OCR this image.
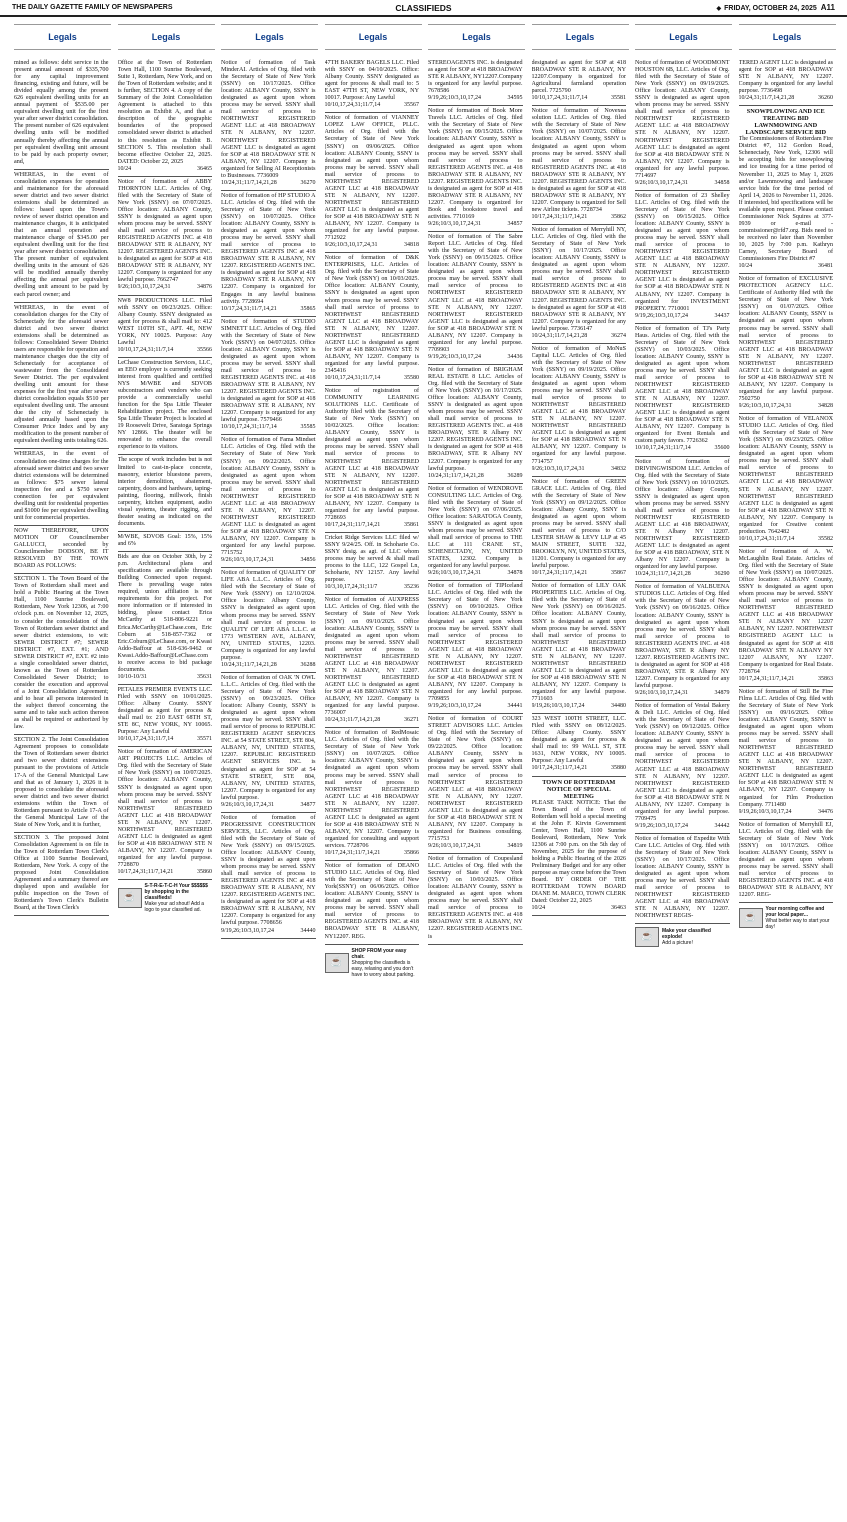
THE DAILY GAZETTE FAMILY OF NEWSPAPERS	CLASSIFIEDS	◆ FRIDAY, OCTOBER 24, 2025 A11
Legals

mined as follows: debt service in the present annual amount of $335,700 for any capital improvement financing, existing and future, will be divided equally among the present 626 equivalent dwelling units for an annual payment of $535.00 per equivalent dwelling unit for the first year after sewer district consolidation. The present number of 626 equivalent dwelling units will be modified annually thereby affecting the annual per equivalent dwelling unit amount to be paid by each property owner; and,

WHEREAS, in the event of consolidation expenses for operation and maintenance for the aforesaid sewer district and two sewer district extensions shall be determined as follows: based upon the Town's review of sewer district operation and maintenance charges, it is anticipated that an annual operation and maintenance charge of $345.00 per equivalent dwelling unit for the first year after sewer district consolidation. The present number of equivalent dwelling units in the amount of 626 will be modified annually thereby affecting the annual per equivalent dwelling unit amount to be paid by each parcel owner; and

WHEREAS, in the event of consolidation charges for the City of Schenectady for the aforesaid sewer district and two sewer district extensions shall be determined as follows: Consolidated Sewer District users are responsible for operation and maintenance charges due the city of Schenectady for acceptance of wastewater from the Consolidated Sewer District. The per equivalent dwelling unit amount for these expenses for the first year after sewer district consolidation equals $510 per equivalent dwelling unit. The amount due the city of Schenectady is adjusted annually based upon the Consumer Price Index and by any modification to the present number of equivalent dwelling units totaling 626.

WHEREAS, in the event of consolidation one-time charges for the aforesaid sewer district and two sewer district extensions will be determined as follows: $75 sewer lateral inspection fee and a $750 sewer connection fee per equivalent dwelling unit for residential properties and $1000 fee per equivalent dwelling unit for commercial properties.

NOW THEREFORE, UPON MOTION OF Councilmember GALLUCCI, seconded by Councilmember DODSON, BE IT RESOLVED BY THE TOWN BOARD AS FOLLOWS:

SECTION 1. The Town Board of the Town of Rotterdam shall meet and hold a Public Hearing at the Town Hall, 1100 Sunrise Boulevard, Rotterdam, New York 12306, at 7:00 o'clock p.m. on November 12, 2025, to consider the consolidation of the Town of Rotterdam sewer district and sewer district extensions, to wit: SEWER DISTRICT #7; SEWER DISTRICT #7, EXT. #1; AND SEWER DISTRICT #7, EXT. #2 into a single consolidated sewer district, known as the Town of Rotterdam Consolidated Sewer District; to consider the execution and approval of a Joint Consolidation Agreement; and to hear all persons interested in the subject thereof concerning the same and to take such action thereon as shall be required or authorized by law.

SECTION 2. The Joint Consolidation Agreement proposes to consolidate the Town of Rotterdam sewer district and two sewer district extensions pursuant to the provisions of Article 17-A of the General Municipal Law and that as of January 1, 2026 it is proposed to consolidate the aforesaid sewer district and two sewer district extensions within the Town of Rotterdam pursuant to Article 17-A of the General Municipal Law of the State of New York, and it is further,

SECTION 3. The proposed Joint Consolidation Agreement is on file in the Town of Rotterdam Town Clerk's Office at 1100 Sunrise Boulevard, Rotterdam, New York. A copy of the proposed Joint Consolidation Agreement and a summary thereof are displayed upon and available for public inspection on the Town of Rotterdam's Town Clerk's Bulletin Board, at the Town Clerk's

Legals

Office at the Town of Rotterdam Town Hall, 1100 Sunrise Boulevard, Suite 1, Rotterdam, New York, and on the Town of Rotterdam website; and it is further, SECTION 4. A copy of the Summary of the Joint Consolidation Agreement is attached to this resolution as Exhibit A, and that a description of the geographic boundaries of the proposed consolidated sewer district is attached to this resolution as Exhibit B. SECTION 5. This resolution shall become effective October 22, 2025. DATED: October 22, 2025

10/24	36465

Notice of formation of ABBY THORNTON LLC. Articles of Org. filed with the Secretary of State of New York (SSNY) on 07/07/2025. Office location: ALBANY County, SSNY is designated as agent upon whom process may be served. SSNY shall mail service of process to REGISTERED AGENTS INC. at 418 BROADWAY STE R ALBANY, NY 12207. REGISTERED AGENTS INC. is designated as agent for SOP at 418 BROADWAY STE R ALBANY, NY 12207. Company is organized for any lawful purpose. 7662747

9/26;10/3,10,17,24,31	34876

NW8 PRODUCTIONS LLC. Filed with SSNY on 09/23/2025. Office: Albany County. SSNY designated as agent for process & shall mail to: 412 WEST 110TH ST., APT. 4E, NEW YORK, NY 10025. Purpose: Any Lawful

10/10,17,24,31;11/7,14	35566

LeChase Construction Services, LLC, an EEO employer is currently seeking interest from qualified and certified NYS M/WBE and SDVOB subcontractors and vendors who can provide a commercially useful function for the Spa Little Theater Rehabilitation project. The enclosed Spa Little Theater Project is located at 19 Roosevelt Drive, Saratoga Springs NY 12866. The theater will be renovated to enhance the overall experience to its visitors.

The scope of work includes but is not limited to cast-in-place concrete, masonry, exterior bluestone pavers, interior demolition, abatement, carpentry, doors and hardware, taping-painting, flooring, millwork, finish carpentry, kitchen equipment, audio visual systems, theater rigging, and theater seating as indicated on the documents.

M/WBE, SDVOB Goal: 15%, 15% and 6%

Bids are due on October 30th, by 2 p.m. Architectural plans and specifications are available through Building Connected upon request. There is prevailing wage rates required, union affiliation is not requirements for this project. For more information or if interested in bidding, please contact Erica McCarthy at 518-806-9221 or Erica.McCarthy@LeChase.com, Eric Coburn at 518-857-7362 or Eric.Coburn@LeChase.com, or Kwasi Addo-Baffour at 518-636-9462 or Kwasi.Addo-Baffour@LeChase.com to receive access to bid package documents.

10/10-10/31	35631

PETALES PREMIER EVENTS LLC. Filed with SSNY on 10/01/2025. Office: Albany County. SSNY designated as agent for process & shall mail to: 210 EAST 68TH ST, STE 8C, NEW YORK, NY 10065. Purpose: Any Lawful

10/10,17,24,31;11/7,14	35571

Notice of formation of AMERICAN ART PROJECTS LLC. Articles of Org. filed with the Secretary of State of New York (SSNY) on 10/07/2025. Office location: ALBANY County, SSNY is designated as agent upon whom process may be served. SSNY shall mail service of process to NORTHWEST REGISTERED AGENT LLC at 418 BROADWAY STE N ALBANY, NY 12207. NORTHWEST REGISTERED AGENT LLC is designated as agent for SOP at 418 BROADWAY STE N ALBANY, NY 12207. Company is organized for any lawful purpose. 7728870

10/17,24,31;11/7,14,21	35860
☕
S-T-R-E-T-C-H Your $$$$$$ by shopping in the classifieds!
Make your ad shout! Add a logo to your classified ad.
Legals

Notice of formation of Task MinderAI. Articles of Org. filed with the Secretary of State of New York (SSNY) on 10/17/2025. Office location: ALBANY County, SSNY is designated as agent upon whom process may be served. SSNY shall mail service of process to NORTHWEST REGISTERED AGENT LLC at 418 BROADWAY STE N ALBANY, NY 12207. NORTHWEST REGISTERED AGENT LLC is designated as agent for SOP at 418 BROADWAY STE N ALBANY, NY 12207. Company is organized for Selling AI Receptionists to Businesses. 7736009

10/24,31;11/7,14,21,28	36270

Notice of formation of HP STUDIO A LLC. Articles of Org. filed with the Secretary of State of New York (SSNY) on 10/07/2025. Office location: ALBANY County, SSNY is designated as agent upon whom process may be served. SSNY shall mail service of process to REGISTERED AGENTS INC at 418 BROADWAY STE R ALBANY, NY 12207. REGISTERED AGENTS INC. is designated as agent for SOP at 418 BROADWAY STE R ALBANY, NY 12207. Company is organized for Engages in any lawful business activity. 7728694

10/17,24,31;11/7,14,21	35865

Notice of formation of STUDIO SIMNETT LLC. Articles of Org. filed with the Secretary of State of New York (SSNY) on 04/07/2025. Office location: ALBANY County, SSNY is designated as agent upon whom process may be served. SSNY shall mail service of process to REGISTERED AGENTS INC. at 418 BROADWAY STE R ALBANY, NY 12207. REGISTERED AGENTS INC. is designated as agent for SOP at 418 BROADWAY STE R ALBANY, NY 12207. Company is organized for any lawful purpose. 7579466

10/10,17,24,31;11/7,14	35585

Notice of formation of Fama Mindset LLC. Articles of Org. filed with the Secretary of State of New York (SSNY) on 09/22/2025. Office location: ALBANY County, SSNY is designated as agent upon whom process may be served. SSNY shall mail service of process to NORTHWEST REGISTERED AGENT LLC at 418 BROADWAY STE N ALBANY, NY 12207. NORTHWEST REGISTERED AGENT LLC is designated as agent for SOP at 418 BROADWAY STE N ALBANY, NY 12207. Company is organized for any lawful purpose. 7715752

9/26;10/3,10,17,24,31	34856

Notice of formation of QUALITY OF LIFE ABA L.L.C.. Articles of Org. filed with the Secretary of State of New York (SSNY) on 12/10/2024. Office location: Albany County, SSNY is designated as agent upon whom process may be served. SSNY shall mail service of process to QUALITY OF LIFE ABA L.L.C. at 1773 WESTERN AVE, ALBANY, NY, UNITED STATES, 12203. Company is organized for any lawful purpose.

10/24,31;11/7,14,21,28	36288

Notice of formation of OAK 'N OWL L.L.C.. Articles of Org. filed with the Secretary of State of New York (SSNY) on 09/23/2025. Office location: Albany County, SSNY is designated as agent upon whom process may be served. SSNY shall mail service of process to REPUBLIC REGISTERED AGENT SERVICES INC. at 54 STATE STREET, STE 804, ALBANY, NY, UNITED STATES, 12207. REPUBLIC REGISTERED AGENT SERVICES INC. is designated as agent for SOP at 54 STATE STREET, STE 804, ALBANY, NY, UNITED STATES, 12207. Company is organized for any lawful purpose.

9/26;10/3,10,17,24,31	34877

Notice of formation of PROGRESSIVE CONSTRUCTION SERVICES, LLC. Articles of Org. filed with the Secretary of State of New York (SSNY) on 09/15/2025. Office location: ALBANY County, SSNY is designated as agent upon whom process may be served. SSNY shall mail service of process to REGISTERED AGENTS INC at 418 BROADWAY STE R ALBANY, NY 12207. REGISTERED AGENTS INC. is designated as agent for SOP at 418 BROADWAY STE R ALBANY, NY 12207. Company is organized for any lawful purpose. 7708656

9/19,26;10/3,10,17,24	34440
Legals

47TH BAKERY BAGELS LLC. Filed with SSNY on 04/10/2025. Office: Albany County. SSNY designated as agent for process & shall mail to: 5 EAST 47TH ST, NEW YORK, NY 10017. Purpose: Any Lawful

10/10,17,24,31;11/7,14	35567

Notice of formation of VIANNEY LOPEZ LAW OFFICE, PLLC. Articles of Org. filed with the Secretary of State of New York (SSNY) on 09/06/2025. Office location: ALBANY County, SSNY is designated as agent upon whom process may be served. SSNY shall mail service of process to NORTHWEST REGISTERED AGENT LLC at 418 BROADWAY STE N ALBANY, NY 12207. NORTHWEST REGISTERED AGENT LLC is designated as agent for SOP at 418 BROADWAY STE N ALBANY, NY 12207. Company is organized for any lawful purpose. 7712922

9/26;10/3,10,17,24,31	34818

Notice of formation of D&K ENTERPRISES, LLC. Articles of Org. filed with the Secretary of State of New York (SSNY) on 10/03/2025. Office location: ALBANY County, SSNY is designated as agent upon whom process may be served. SSNY shall mail service of process to NORTHWEST REGISTERED AGENT LLC at 418 BROADWAY STE N ALBANY, NY 12207. NORTHWEST REGISTERED AGENT LLC is designated as agent for SOP at 418 BROADWAY STE N ALBANY, NY 12207. Company is organized for any lawful purpose. 2345416

10/10,17,24,31;11/7,14	35580

Notice of registration of COMMUNITY LEARNING SOLUTIONS LLC. Certificate of Authority filed with the Secretary of State of New York (SSNY) on 10/02/2025. Office location: ALBANY County, SSNY is designated as agent upon whom process may be served. SSNY shall mail service of process to NORTHWEST REGISTERED AGENT LLC at 418 BROADWAY STE N ALBANY, NY 12207. NORTHWEST REGISTERED AGENT LLC is designated as agent for SOP at 418 BROADWAY STE N ALBANY, NY 12207. Company is organized for any lawful purpose. 7728693

10/17,24,31;11/7,14,21	35861

Cricket Ridge Services LLC filed w/ SSNY 9/24/25. Off. in Schoharie Co. SSNY desig. as agt. of LLC whom process may be served & shall mail process to the LLC, 122 Gospel Ln, Schoharie, NY 12157. Any lawful purpose.

10/3,10,17,24,31;11/7	35236

Notice of formation of AUXPRESS LLC. Articles of Org. filed with the Secretary of State of New York (SSNY) on 09/10/2025. Office location: ALBANY County, SSNY is designated as agent upon whom process may be served. SSNY shall mail service of process to NORTHWEST REGISTERED AGENT LLC at 418 BROADWAY STE N ALBANY, NY 12207. NORTHWEST REGISTERED AGENT LLC is designated as agent for SOP at 418 BROADWAY STE N ALBANY, NY 12207. Company is organized for any lawful purpose. 7736007

10/24,31;11/7,14,21,28	36271

Notice of formation of RedMosaic LLC. Articles of Org. filed with the Secretary of State of New York (SSNY) on 10/07/2025. Office location: ALBANY County, SSNY is designated as agent upon whom process may be served. SSNY shall mail service of process to NORTHWEST REGISTERED AGENT LLC at 418 BROADWAY STE N ALBANY, NY 12207. NORTHWEST REGISTERED AGENT LLC is designated as agent for SOP at 418 BROADWAY STE N ALBANY, NY 12207. Company is organized for consulting and support services. 7728706

10/17,24,31;11/7,14,21	35866

Notice of formation of DEANO STUDIO LLC. Articles of Org. filed with the Secretary of State of New York(SSNY) on 06/06/2025. Office location: ALBANY County, SSNY is designated as agent upon whom process may be served. SSNY shall mail service of process to REGISTERED AGENTS INC. at 418 BROADWAY STE R ALBANY, NY12207. REG.

☕
SHOP FROM your easy chair.
Shopping the classifieds is easy, relaxing and you don't have to worry about parking.
Legals

STEREOAGENTS INC. is designated as agent for SOP at 418 BROADWAY STE R ALBANY, NY12207.Company is organized for any lawful purpose. 7678586

9/19,26;10/3,10,17,24	34595

Notice of formation of Book More Travels LLC. Articles of Org. filed with the Secretary of State of New York (SSNY) on 09/15/2025. Office location: ALBANY County, SSNY is designated as agent upon whom process may be served. SSNY shall mail service of process to REGISTERED AGENTS INC. at 418 BROADWAY STE R ALBANY, NY 12207. REGISTERED AGENTS INC. is designated as agent for SOP at 418 BROADWAY STE R ALBANY, NY 12207. Company is organized for Book and bookstore travel and activities. 7710169

9/26;10/3,10,17,24,31	34857

Notice of formation of The Sabre Report LLC. Articles of Org. filed with the Secretary of State of New York (SSNY) on 09/15/2025. Office location: ALBANY County, SSNY is designated as agent upon whom process may be served. SSNY shall mail service of process to NORTHWEST REGISTERED AGENT LLC at 418 BROADWAY STE N ALBANY, NY 12207. NORTHWEST REGISTERED AGENT LLC is designated as agent for SOP at 418 BROADWAY STE N ALBANY, NY 12207. Company is organized for any lawful purpose. 7709903

9/19,26;10/3,10,17,24	34436

Notice of formation of BRIGHAM REAL ESTATE 8 LLC. Articles of Org. filed with the Secretary of State of New York (SSNY) on 10/17/2025. Office location: ALBANY County, SSNY is designated as agent upon whom process may be served. SSNY shall mail service of process to REGISTERED AGENTS INC. at 418 BROADWAY, STE R Albany NY 12207. REGISTERED AGENTS INC. is designated as agent for SOP at 418 BROADWAY, STE R Albany NY 12207. Company is organized for any lawful purpose.

10/24,31;11/7,14,21,28	36289

Notice of formation of WENDROVE CONSULTING LLC. Articles of Org. filed with the Secretary of State of New York (SSNY) on 07/06/2025. Office location: SARATOGA County, SSNY is designated as agent upon whom process may be served. SSNY shall mail service of process to THE LLC at 111 CRANE ST., SCHENECTADY, NY, UNITED STATES, 12302. Company is organized for any lawful purpose.

9/26;10/3,10,17,24,31	34878

Notice of formation of TIPIceland LLC. Articles of Org. filed with the Secretary of State of New York (SSNY) on 09/10/2025. Office location: ALBANY County, SSNY is designated as agent upon whom process may be served. SSNY shall mail service of process to NORTHWEST REGISTERED AGENT LLC at 418 BROADWAY STE N ALBANY, NY 12207. NORTHWEST REGISTERED AGENT LLC is designated as agent for SOP at 418 BROADWAY STE N ALBANY, NY 12207. Company is organized for any lawful purpose. 7709855

9/19,26;10/3,10,17,24	34441

Notice of formation of COURT STREET ADVISORS LLC. Articles of Org. filed with the Secretary of State of New York (SSNY) on 09/22/2025. Office location: ALBANY County, SSNY is designated as agent upon whom process may be served. SSNY shall mail service of process to NORTHWEST REGISTERED AGENT LLC at 418 BROADWAY STE N ALBANY, NY 12207. NORTHWEST REGISTERED AGENT LLC is designated as agent for SOP at 418 BROADWAY STE N ALBANY, NY 12207. Company is organized for Business consulting. 7715753

9/26;10/3,10,17,24,31	34819

Notice of formation of Coupesland LLC. Articles of Org. filed with the Secretary of State of New York (SSNY) on 10/03/2025. Office location: ALBANY County, SSNY is designated as agent upon whom process may be served. SSNY shall mail service of process to REGISTERED AGENTS INC. at 418 BROADWAY STE R ALBANY, NY 12207. REGISTERED AGENTS INC. is

Legals

designated as agent for SOP at 418 BROADWAY STE R ALBANY, NY 12207.Company is organized for Agricultural farmland operation parcel. 7725790

10/10,17,24,31;11/7,14	35581

Notice of formation of Novexea solution LLC. Articles of Org. filed with the Secretary of State of New York (SSNY) on 10/07/2025. Office location: ALBANY County, SSNY is designated as agent upon whom process may be served. SSNY shall mail service of process to REGISTERED AGENTS INC. at 418 BROADWAY STE R ALBANY, NY 12207. REGISTERED AGENTS INC. is designated as agent for SOP at 418 BROADWAY STE R ALBANY, NY 12207. Company is organized for Sell new Airline tickets. 7728734

10/17,24,31;11/7,14,21	35862

Notice of formation of Merryhill NY, LLC. Articles of Org. filed with the Secretary of State of New York (SSNY) on 10/17/2025. Office location: ALBANY County, SSNY is designated as agent upon whom process may be served. SSNY shall mail service of process to REGISTERED AGENTS INC at 418 BROADWAY STE R ALBANY, NY 12207. REGISTERED AGENTS INC. is designated as agent for SOP at 418 BROADWAY STE R ALBANY, NY 12207. Company is organized for any lawful purpose. 7736147

10/24,31;11/7,14,21,28	36274

Notice of formation of MoNuS Capital LLC. Articles of Org. filed with the Secretary of State of New York (SSNY) on 09/19/2025. Office location: ALBANY County, SSNY is designated as agent upon whom process may be served. SSNY shall mail service of process to NORTHWEST REGISTERED AGENT LLC at 418 BROADWAY STE N ALBANY, NY 12207. NORTHWEST REGISTERED AGENT LLC is designated as agent for SOP at 418 BROADWAY STE N ALBANY, NY 12207. Company is organized for any lawful purpose. 7714757

9/26;10/3,10,17,24,31	34832

Notice of formation of GREEN GRACE LLC. Articles of Org. filed with the Secretary of State of New York (SSNY) on 09/12/2025. Office location: Albany County, SSNY is designated as agent upon whom process may be served. SSNY shall mail service of process to C/O LESTER SHAW & LEVY LLP at 45 MAIN STREET, SUITE 322, BROOKLYN, NY, UNITED STATES, 11201. Company is organized for any lawful purpose.

10/17,24,31;11/7,14,21	35867

Notice of formation of LILY OAK PROPERTIES LLC. Articles of Org. filed with the Secretary of State of New York (SSNY) on 09/16/2025. Office location: ALBANY County, SSNY is designated as agent upon whom process may be served. SSNY shall mail service of process to NORTHWEST REGISTERED AGENT LLC at 418 BROADWAY STE N ALBANY, NY 12207. NORTHWEST REGISTERED AGENT LLC is designated as agent for SOP at 418 BROADWAY STE N ALBANY, NY 12207. Company is organized for any lawful purpose. 7711603

9/19,26;10/3,10,17,24	34480

323 WEST 100TH STREET, LLC. Filed with SSNY on 08/12/2025. Office: Albany County. SSNY designated as agent for process & shall mail to: 99 WALL ST, STE 1631, NEW YORK, NY 10005. Purpose: Any Lawful

10/17,24,31;11/7,14,21	35880

TOWN OF ROTTERDAM NOTICE OF SPECIAL MEETING

PLEASE TAKE NOTICE: That the Town Board of the Town of Rotterdam will hold a special meeting at the John F. Kirvin Government Center, Town Hall, 1100 Sunrise Boulevard, Rotterdam, New York 12306 at 7:00 p.m. on the 5th day of November, 2025 for the purpose of holding a Public Hearing of the 2026 Preliminary Budget and for any other purpose as may come before the Town Board. BY ORDER OF THE ROTTERDAM TOWN BOARD DIANE M. MARCO, TOWN CLERK Dated: October 22, 2025

10/24	36463
Legals

Notice of formation of WOODMONT HOUSTON 6B, LLC. Articles of Org. filed with the Secretary of State of New York (SSNY) on 09/19/2025. Office location: ALBANY County, SSNY is designated as agent upon whom process may be served. SSNY shall mail service of process to NORTHWEST REGISTERED AGENT LLC at 418 BROADWAY STE N ALBANY, NY 12207. NORTHWEST REGISTERED AGENT LLC is designated as agent for SOP at 418 BROADWAY STE N ALBANY, NY 12207. Company is organized for any lawful purpose. 7714697

9/26;10/3,10,17,24,31	34858

Notice of formation of 23 Shelley LLC. Articles of Org. filed with the Secretary of State of New York (SSNY) on 09/15/2025. Office location: ALBANY County, SSNY is designated as agent upon whom process may be served. SSNY shall mail service of process to NORTHWEST REGISTERED AGENT LLC at 418 BROADWAY STE N ALBANY, NY 12207. NORTHWEST REGISTERED AGENT LLC is designated as agent for SOP at 418 BROADWAY STE N ALBANY, NY 12207. Company is organized for INVESTMENT PROPERTY. 7710001

9/19,26;10/3,10,17,24	34437

Notice of formation of TJ's Party Haus. Articles of Org. filed with the Secretary of State of New York (SSNY) on 10/03/2025. Office location: ALBANY County, SSNY is designated as agent upon whom process may be served. SSNY shall mail service of process to NORTHWEST REGISTERED AGENT LLC at 418 BROADWAY STE N ALBANY, NY 12207. NORTHWEST REGISTERED AGENT LLC is designated as agent for SOP at 418 BROADWAY STE N ALBANY, NY 12207. Company is organized for Event Rentals and custom party favors. 7726362

10/10,17,24,31;11/7,14	35600

Notice of formation of DRIVINGWISDOM LLC. Articles of Org. filed with the Secretary of State of New York (SSNY) on 10/10/2025. Office location: Albany County, SSNY is designated as agent upon whom process may be served. SSNY shall mail service of process to NORTHWEST REGISTERED AGENT LLC at 418 BROADWAY, STE N Albany NY 12207. NORTHWEST REGISTERED AGENT LLC is designated as agent for SOP at 418 BROADWAY, STE N Albany NY 12207. Company is organized for any lawful purpose.

10/24,31;11/7,14,21,28	36290

Notice of formation of VALBUENA STUDIOS LLC. Articles of Org. filed with the Secretary of State of New York (SSNY) on 09/16/2025. Office location: ALBANY County, SSNY is designated as agent upon whom process may be served. SSNY shall mail service of process to REGISTERED AGENTS INC. at 418 BROADWAY, STE R Albany NY 12207. REGISTERED AGENTS INC. is designated as agent for SOP at 418 BROADWAY, STE R Albany NY 12207. Company is organized for any lawful purpose.

9/26;10/3,10,17,24,31	34879

Notice of formation of Vestal Bakery & Deli LLC. Articles of Org. filed with the Secretary of State of New York (SSNY) on 09/12/2025. Office location: ALBANY County, SSNY is designated as agent upon whom process may be served. SSNY shall mail service of process to NORTHWEST REGISTERED AGENT LLC at 418 BROADWAY STE N ALBANY, NY 12207. NORTHWEST REGISTERED AGENT LLC is designated as agent for SOP at 418 BROADWAY STE N ALBANY, NY 12207. Company is organized for any lawful purpose. 7709475

9/19,26;10/3,10,17,24	34442

Notice of formation of Expedite With Care LLC. Articles of Org. filed with the Secretary of State of New York (SSNY) on 10/17/2025. Office location: ALBANY County, SSNY is designated as agent upon whom process may be served. SSNY shall mail service of process to NORTHWEST REGISTERED AGENT LLC at 418 BROADWAY STE N ALBANY, NY 12207. NORTHWEST REGIS-

☕	Make your classified explode!
Add a picture!
Legals

TERED AGENT LLC is designated as agent for SOP at 418 BROADWAY STE N ALBANY, NY 12207. Company is organized for any lawful purpose. 7736498

10/24,31;11/7,14,21,28	36260

SNOWPLOWING AND ICE TREATING BID LAWNMOWING AND LANDSCAPE SERVICE BID

The Commissioners of Rotterdam Fire District #7, 112 Gordon Road, Schenectady, New York, 12306 will be accepting bids for snowplowing and ice treating for a time period of November 11, 2025 to May 1, 2026 and/or Lawnmowing and landscape service bids for the time period of April 14, 2026 to November 11, 2026. If interested, bid specifications will be available upon request. Please contact Commissioner Nick Squires at 377-0939 or e-mail - commissioner@rfd7.org. Bids need to be received no later than November 10, 2025 by 7:00 p.m. Kathryn Carney, Secretary Board of Commissioners Fire District #7

10/24	36481

Notice of formation of EXCLUSIVE PROTECTION AGENCY LLC. Certificate of Authority filed with the Secretary of State of New York (SSNY) on 01/07/2025. Office location: ALBANY County, SSNY is designated as agent upon whom process may be served. SSNY shall mail service of process to NORTHWEST REGISTERED AGENT LLC at 418 BROADWAY STE N ALBANY, NY 12207. NORTHWEST REGISTERED AGENT LLC is designated as agent for SOP at 418 BROADWAY STE N ALBANY, NY 12207. Company is organized for any lawful purpose. 7502750

9/26;10/3,10,17,24,31	34828

Notice of formation of VELANOX STUDIO LLC. Articles of Org. filed with the Secretary of State of New York (SSNY) on 09/23/2025. Office location: ALBANY County, SSNY is designated as agent upon whom process may be served. SSNY shall mail service of process to NORTHWEST REGISTERED AGENT LLC at 418 BROADWAY STE N ALBANY, NY 12207. NORTHWEST REGISTERED AGENT LLC is designated as agent for SOP at 418 BROADWAY STE N ALBANY, NY 12207. Company is organized for Creative content production. 7642482

10/10,17,24,31;11/7,14	35582

Notice of formation of A. W. McLaughlin Real Estate. Articles of Org. filed with the Secretary of State of New York (SSNY) on 10/07/2025. Office location: ALBANY County, SSNY is designated as agent upon whom process may be served. SSNY shall mail service of process to NORTHWEST REGISTERED AGENT LLC at 418 BROADWAY STE N ALBANY NY 12207 ALBANY, NY 12207. NORTHWEST REGISTERED AGENT LLC is designated as agent for SOP at 418 BROADWAY STE N ALBANY NY 12207 ALBANY, NY 12207. Company is organized for Real Estate. 7728764

10/17,24,31;11/7,14,21	35863

Notice of formation of Still Be Fine Films LLC. Articles of Org. filed with the Secretary of State of New York (SSNY) on 09/16/2025. Office location: ALBANY County, SSNY is designated as agent upon whom process may be served. SSNY shall mail service of process to NORTHWEST REGISTERED AGENT LLC at 418 BROADWAY STE N ALBANY, NY 12207. NORTHWEST REGISTERED AGENT LLC is designated as agent for SOP at 418 BROADWAY STE N ALBANY, NY 12207. Company is organized for Film Production Company. 7711480

9/19,26;10/3,10,17,24	34476

Notice of formation of Merryhill EJ, LLC. Articles of Org. filed with the Secretary of State of New York (SSNY) on 10/17/2025. Office location: ALBANY County, SSNY is designated as agent upon whom process may be served. SSNY shall mail service of process to REGISTERED AGENTS INC. at 418 BROADWAY STE R ALBANY, NY 12207. REG-

☕
Your morning coffee and your local paper...
What better way to start your day!
